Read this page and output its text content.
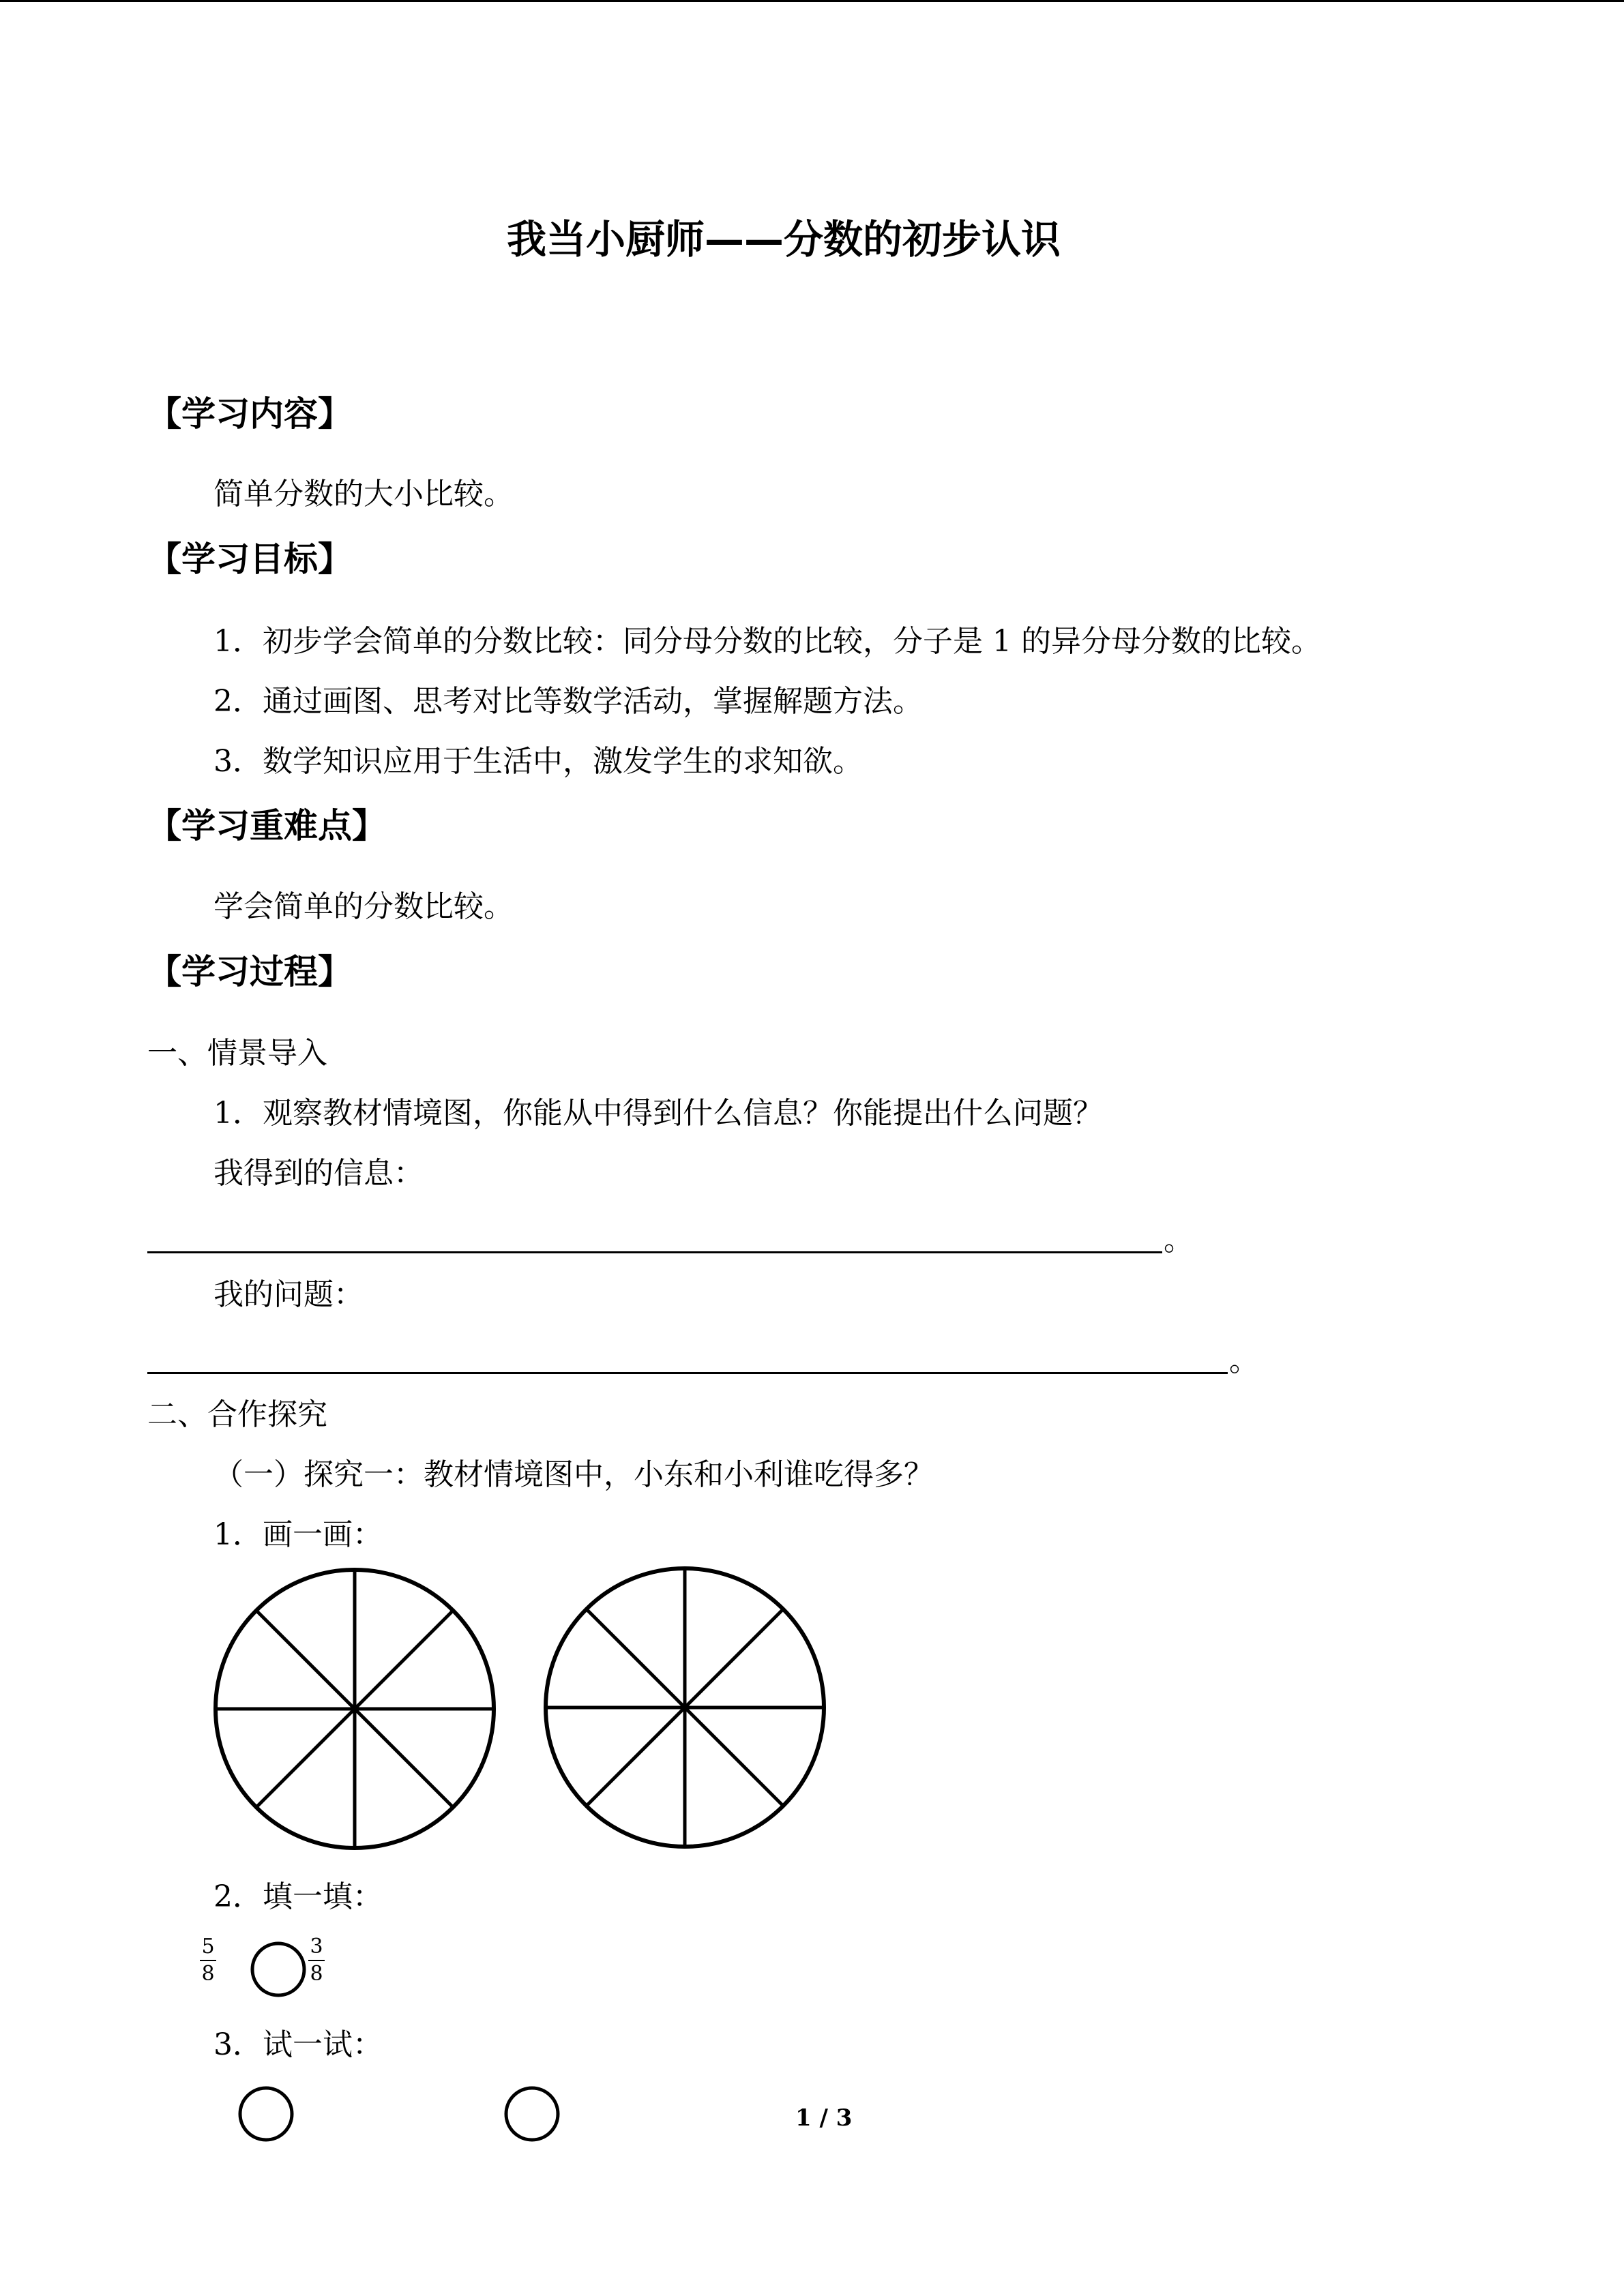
我当小厨师——分数的初步认识
【学习内容】
简单分数的大小比较。
【学习目标】
1．初步学会简单的分数比较：同分母分数的比较，分子是 1 的异分母分数的比较。
2．通过画图、思考对比等数学活动，掌握解题方法。
3．数学知识应用于生活中，激发学生的求知欲。
【学习重难点】
学会简单的分数比较。
【学习过程】
一、情景导入
1．观察教材情境图，你能从中得到什么信息？你能提出什么问题？
我得到的信息：
。
我的问题：
。
二、合作探究
（一）探究一：教材情境图中，小东和小利谁吃得多？
1．画一画：
2．填一填：
5
8
3
8
3．试一试：
1 / 3
